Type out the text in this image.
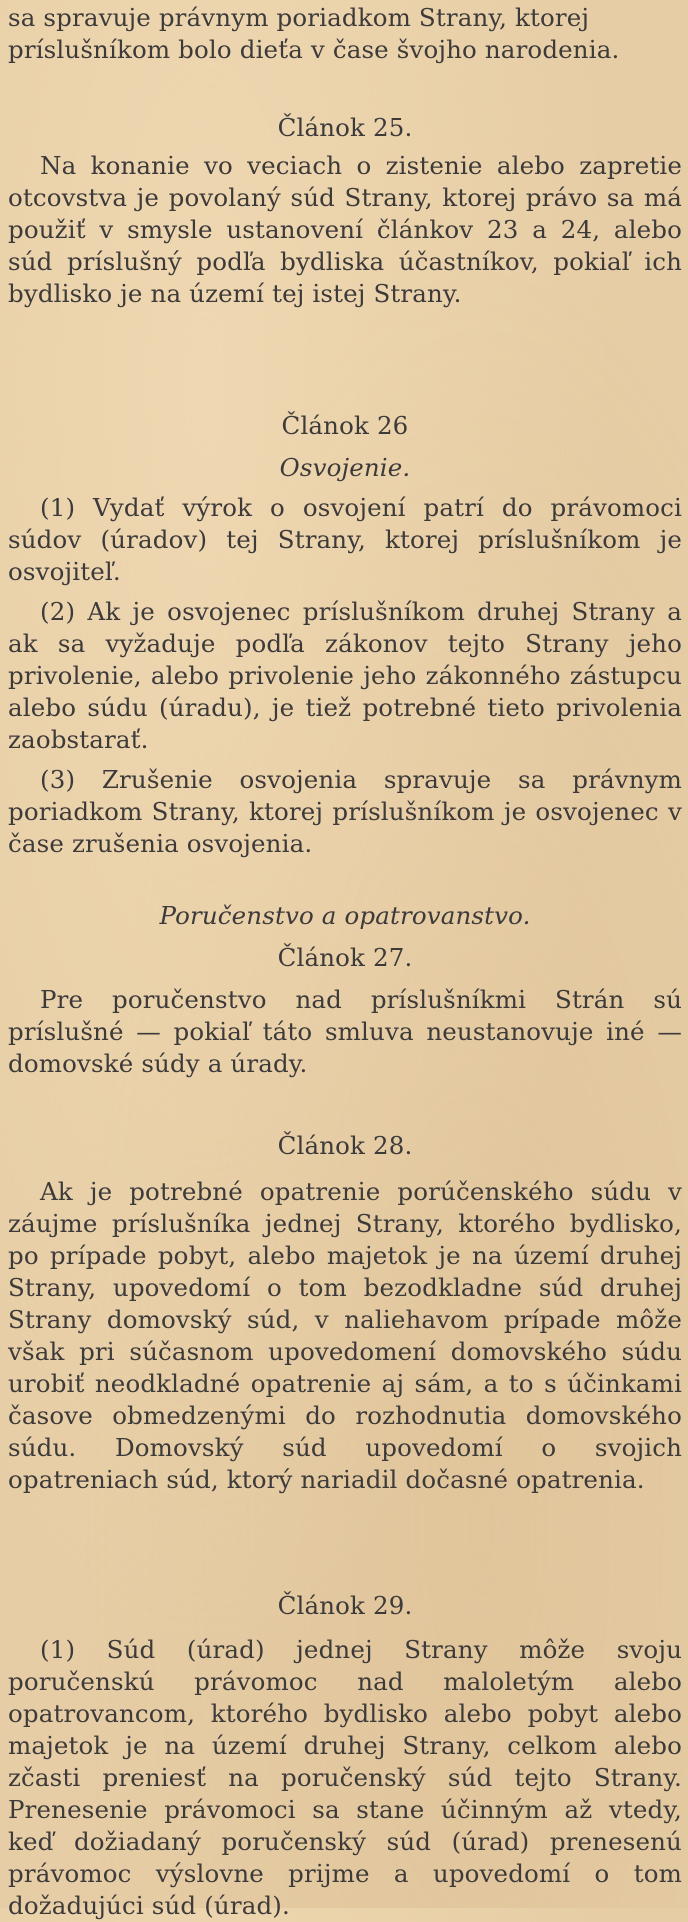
sa spravuje právnym poriadkom Strany, ktorej príslušníkom bolo dieťa v čase švojho narodenia.

Článok 25.

Na konanie vo veciach o zistenie alebo zapretie otcovstva je povolaný súd Strany, ktorej právo sa má použiť v smysle ustanovení článkov 23 a 24, alebo súd príslušný podľa bydliska účastníkov, pokiaľ ich bydlisko je na území tej istej Strany.

Článok 26
Osvojenie.

(1) Vydať výrok o osvojení patrí do právomoci súdov (úradov) tej Strany, ktorej príslušníkom je osvojiteľ.

(2) Ak je osvojenec príslušníkom druhej Strany a ak sa vyžaduje podľa zákonov tejto Strany jeho privolenie, alebo privolenie jeho zákonného zástupcu alebo súdu (úradu), je tiež potrebné tieto privolenia zaobstarať.

(3) Zrušenie osvojenia spravuje sa právnym poriadkom Strany, ktorej príslušníkom je osvojenec v čase zrušenia osvojenia.

Poručenstvo a opatrovanstvo.
Článok 27.

Pre poručenstvo nad príslušníkmi Strán sú príslušné — pokiaľ táto smluva neustanovuje iné — domovské súdy a úrady.

Článok 28.

Ak je potrebné opatrenie porúčenského súdu v záujme príslušníka jednej Strany, ktorého bydlisko, po prípade pobyt, alebo majetok je na území druhej Strany, upovedomí o tom bezodkladne súd druhej Strany domovský súd, v naliehavom prípade môže však pri súčasnom upovedomení domovského súdu urobiť neodkladné opatrenie aj sám, a to s účinkami časove obmedzenými do rozhodnutia domovského súdu. Domovský súd upovedomí o svojich opatreniach súd, ktorý nariadil dočasné opatrenia.

Článok 29.

(1) Súd (úrad) jednej Strany môže svoju poručenskú právomoc nad maloletým alebo opatrovancom, ktorého bydlisko alebo pobyt alebo majetok je na území druhej Strany, celkom alebo zčasti preniesť na poručenský súd tejto Strany. Prenesenie právomoci sa stane účinným až vtedy, keď dožiadaný poručenský súd (úrad) prenesenú právomoc výslovne prijme a upovedomí o tom dožadujúci súd (úrad).
